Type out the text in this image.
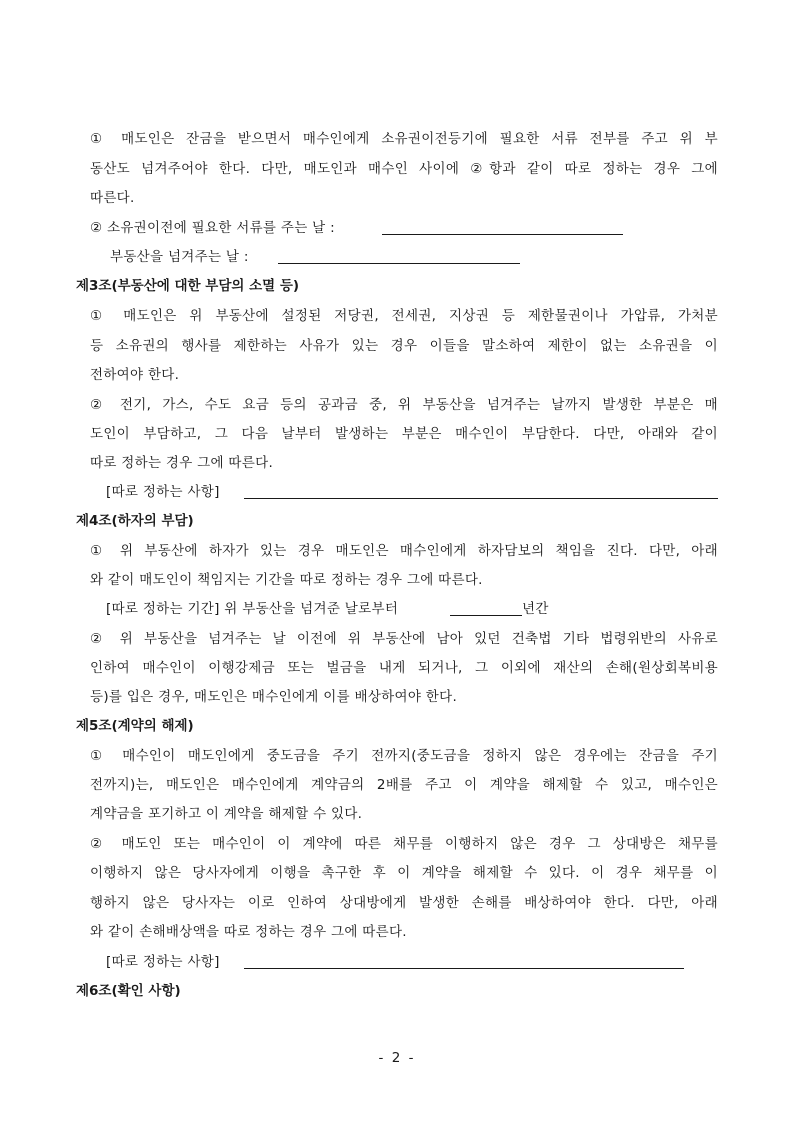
① 매도인은 잔금을 받으면서 매수인에게 소유권이전등기에 필요한 서류 전부를 주고 위 부
동산도 넘겨주어야 한다. 다만, 매도인과 매수인 사이에 ②항과 같이 따로 정하는 경우 그에
따른다.
② 소유권이전에 필요한 서류를 주는 날 :
부동산을 넘겨주는 날 :
제3조(부동산에 대한 부담의 소멸 등)
① 매도인은 위 부동산에 설정된 저당권, 전세권, 지상권 등 제한물권이나 가압류, 가처분
등 소유권의 행사를 제한하는 사유가 있는 경우 이들을 말소하여 제한이 없는 소유권을 이
전하여야 한다.
② 전기, 가스, 수도 요금 등의 공과금 중, 위 부동산을 넘겨주는 날까지 발생한 부분은 매
도인이 부담하고, 그 다음 날부터 발생하는 부분은 매수인이 부담한다. 다만, 아래와 같이
따로 정하는 경우 그에 따른다.
[따로 정하는 사항]
제4조(하자의 부담)
① 위 부동산에 하자가 있는 경우 매도인은 매수인에게 하자담보의 책임을 진다. 다만, 아래
와 같이 매도인이 책임지는 기간을 따로 정하는 경우 그에 따른다.
[따로 정하는 기간] 위 부동산을 넘겨준 날로부터	년간
② 위 부동산을 넘겨주는 날 이전에 위 부동산에 남아 있던 건축법 기타 법령위반의 사유로
인하여 매수인이 이행강제금 또는 벌금을 내게 되거나, 그 이외에 재산의 손해(원상회복비용
등)를 입은 경우, 매도인은 매수인에게 이를 배상하여야 한다.
제5조(계약의 해제)
① 매수인이 매도인에게 중도금을 주기 전까지(중도금을 정하지 않은 경우에는 잔금을 주기
전까지)는, 매도인은 매수인에게 계약금의 2배를 주고 이 계약을 해제할 수 있고, 매수인은
계약금을 포기하고 이 계약을 해제할 수 있다.
② 매도인 또는 매수인이 이 계약에 따른 채무를 이행하지 않은 경우 그 상대방은 채무를
이행하지 않은 당사자에게 이행을 촉구한 후 이 계약을 해제할 수 있다. 이 경우 채무를 이
행하지 않은 당사자는 이로 인하여 상대방에게 발생한 손해를 배상하여야 한다. 다만, 아래
와 같이 손해배상액을 따로 정하는 경우 그에 따른다.
[따로 정하는 사항]
제6조(확인 사항)
- 2 -
